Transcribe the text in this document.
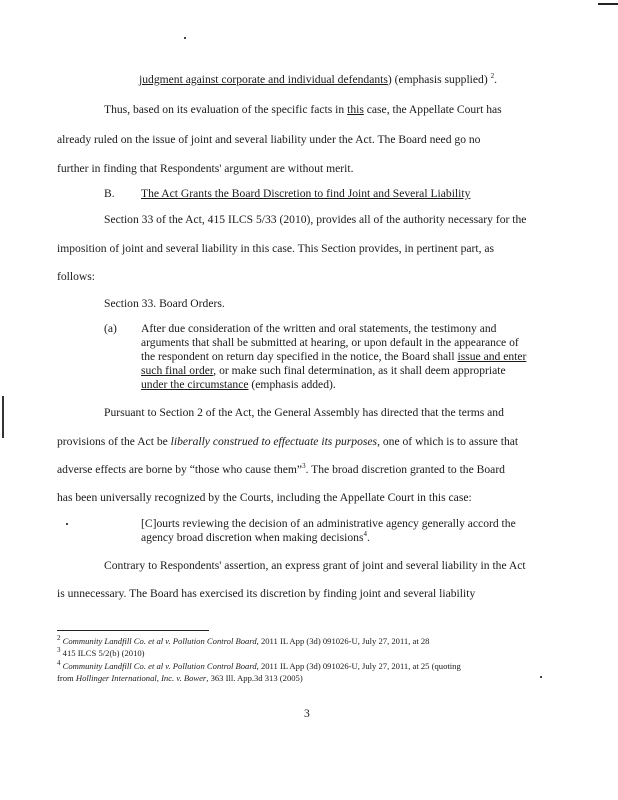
judgment against corporate and individual defendants) (emphasis supplied) $^2$.
Thus, based on its evaluation of the specific facts in this case, the Appellate Court has
already ruled on the issue of joint and several liability under the Act. The Board need go no
further in finding that Respondents' argument are without merit.
B. The Act Grants the Board Discretion to find Joint and Several Liability
Section 33 of the Act, 415 ILCS 5/33 (2010), provides all of the authority necessary for the
imposition of joint and several liability in this case. This Section provides, in pertinent part, as
follows:
Section 33. Board Orders.
(a) After due consideration of the written and oral statements, the testimony and
arguments that shall be submitted at hearing, or upon default in the appearance of
the respondent on return day specified in the notice, the Board shall issue and enter
such final order, or make such final determination, as it shall deem appropriate
under the circumstance (emphasis added).
Pursuant to Section 2 of the Act, the General Assembly has directed that the terms and
provisions of the Act be liberally construed to effectuate its purposes, one of which is to assure that
adverse effects are borne by “those who cause them”$^3$. The broad discretion granted to the Board
has been universally recognized by the Courts, including the Appellate Court in this case:
[C]ourts reviewing the decision of an administrative agency generally accord the
agency broad discretion when making decisions$^4$.
Contrary to Respondents' assertion, an express grant of joint and several liability in the Act
is unnecessary. The Board has exercised its discretion by finding joint and several liability
$^2$ Community Landfill Co. et al v. Pollution Control Board, 2011 IL App (3d) 091026-U, July 27, 2011, at 28
$^3$ 415 ILCS 5/2(b) (2010)
$^4$ Community Landfill Co. et al v. Pollution Control Board, 2011 IL App (3d) 091026-U, July 27, 2011, at 25 (quoting
from Hollinger International, Inc. v. Bower, 363 Ill. App.3d 313 (2005)
3
